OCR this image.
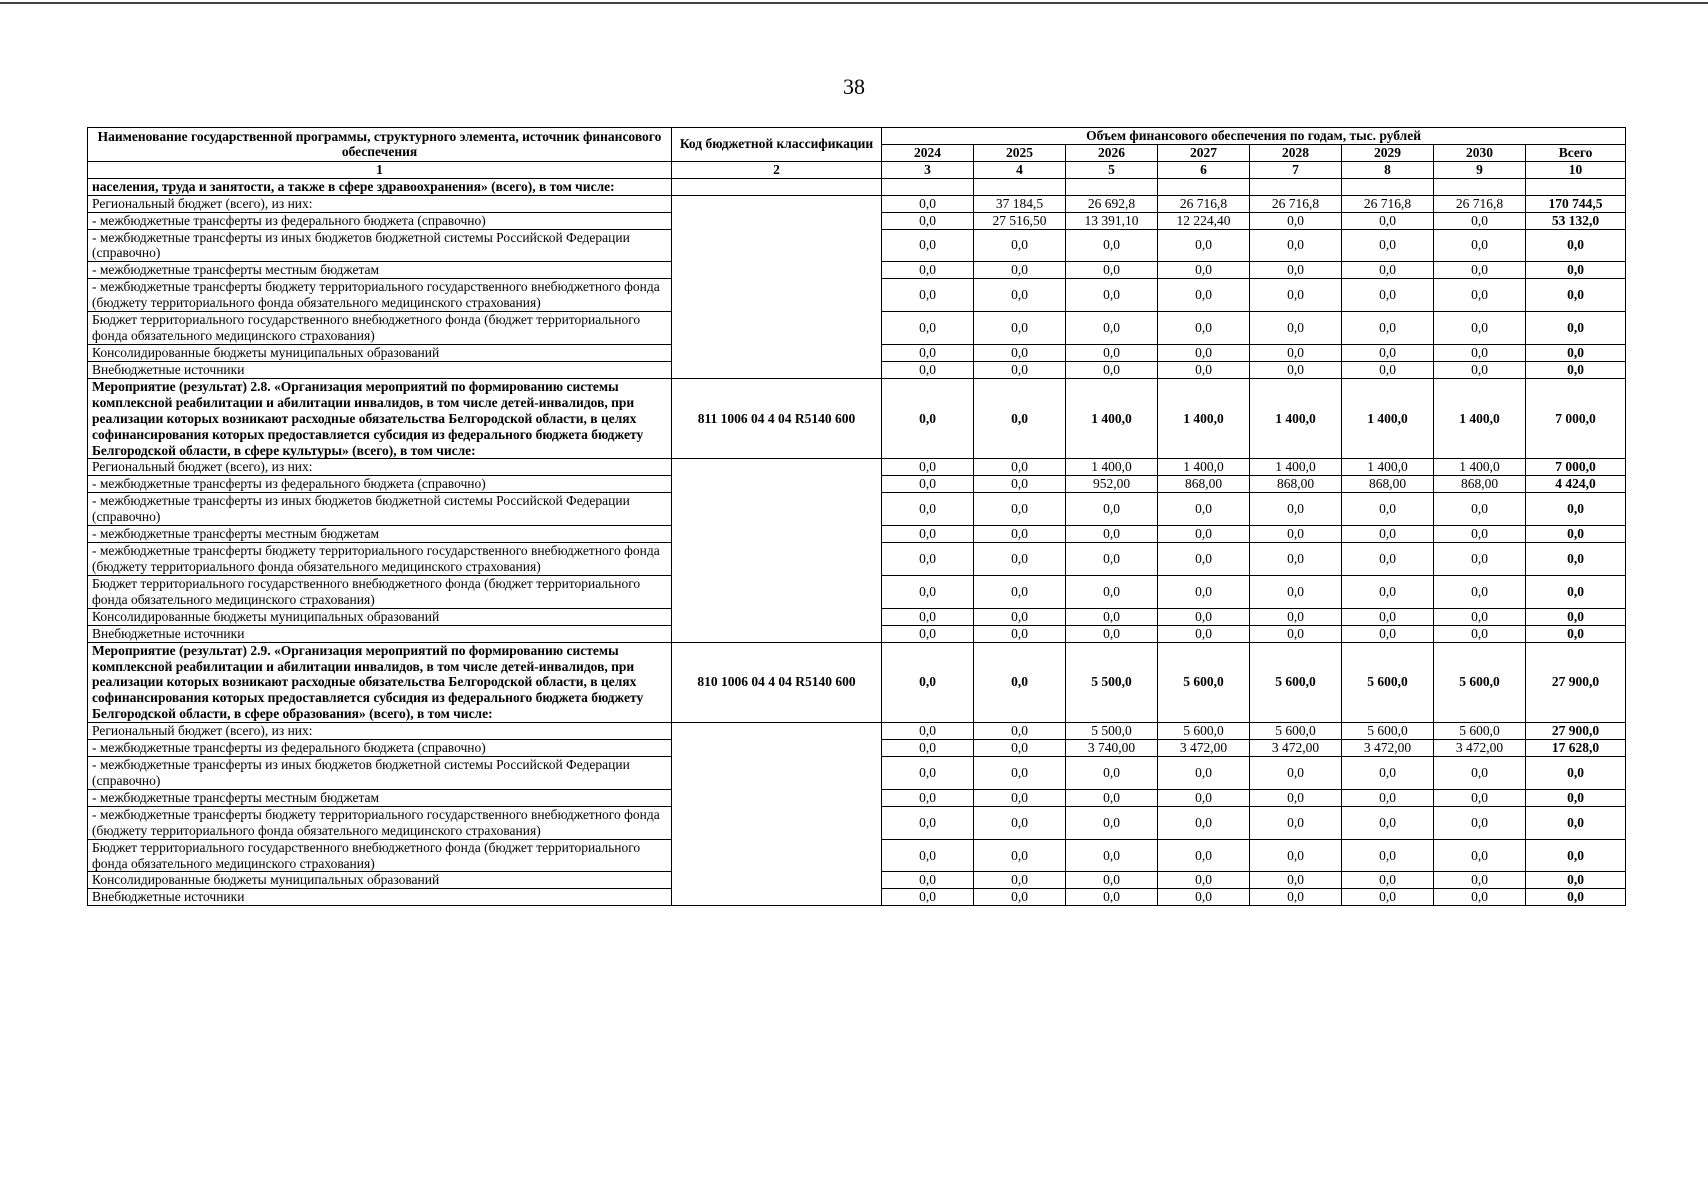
38
Наименование государственной программы, структурного элемента, источник финансового обеспечения	Код бюджетной классификации	Объем финансового обеспечения по годам, тыс. рублей							
		2024	2025	2026	2027	2028	2029	2030	Всего
1	2	3	4	5	6	7	8	9	10
населения, труда и занятости, а также в сфере здравоохранения» (всего), в том числе:									
Региональный бюджет (всего), из них:		0,0	37 184,5	26 692,8	26 716,8	26 716,8	26 716,8	26 716,8	170 744,5
- межбюджетные трансферты из федерального бюджета (справочно)		0,0	27 516,50	13 391,10	12 224,40	0,0	0,0	0,0	53 132,0
- межбюджетные трансферты из иных бюджетов бюджетной системы Российской Федерации (справочно)		0,0	0,0	0,0	0,0	0,0	0,0	0,0	0,0
- межбюджетные трансферты местным бюджетам		0,0	0,0	0,0	0,0	0,0	0,0	0,0	0,0
- межбюджетные трансферты бюджету территориального государственного внебюджетного фонда (бюджету территориального фонда обязательного медицинского страхования)		0,0	0,0	0,0	0,0	0,0	0,0	0,0	0,0
Бюджет территориального государственного внебюджетного фонда (бюджет территориального фонда обязательного медицинского страхования)		0,0	0,0	0,0	0,0	0,0	0,0	0,0	0,0
Консолидированные бюджеты муниципальных образований		0,0	0,0	0,0	0,0	0,0	0,0	0,0	0,0
Внебюджетные источники		0,0	0,0	0,0	0,0	0,0	0,0	0,0	0,0
Мероприятие (результат) 2.8. «Организация мероприятий по формированию системы комплексной реабилитации и абилитации инвалидов, в том числе детей-инвалидов, при реализации которых возникают расходные обязательства Белгородской области, в целях софинансирования которых предоставляется субсидия из федерального бюджета бюджету Белгородской области, в сфере культуры» (всего), в том числе:	811 1006 04 4 04 R5140 600	0,0	0,0	1 400,0	1 400,0	1 400,0	1 400,0	1 400,0	7 000,0
Региональный бюджет (всего), из них:		0,0	0,0	1 400,0	1 400,0	1 400,0	1 400,0	1 400,0	7 000,0
- межбюджетные трансферты из федерального бюджета (справочно)		0,0	0,0	952,00	868,00	868,00	868,00	868,00	4 424,0
- межбюджетные трансферты из иных бюджетов бюджетной системы Российской Федерации (справочно)		0,0	0,0	0,0	0,0	0,0	0,0	0,0	0,0
- межбюджетные трансферты местным бюджетам		0,0	0,0	0,0	0,0	0,0	0,0	0,0	0,0
- межбюджетные трансферты бюджету территориального государственного внебюджетного фонда (бюджету территориального фонда обязательного медицинского страхования)		0,0	0,0	0,0	0,0	0,0	0,0	0,0	0,0
Бюджет территориального государственного внебюджетного фонда (бюджет территориального фонда обязательного медицинского страхования)		0,0	0,0	0,0	0,0	0,0	0,0	0,0	0,0
Консолидированные бюджеты муниципальных образований		0,0	0,0	0,0	0,0	0,0	0,0	0,0	0,0
Внебюджетные источники		0,0	0,0	0,0	0,0	0,0	0,0	0,0	0,0
Мероприятие (результат) 2.9. «Организация мероприятий по формированию системы комплексной реабилитации и абилитации инвалидов, в том числе детей-инвалидов, при реализации которых возникают расходные обязательства Белгородской области, в целях софинансирования которых предоставляется субсидия из федерального бюджета бюджету Белгородской области, в сфере образования» (всего), в том числе:	810 1006 04 4 04 R5140 600	0,0	0,0	5 500,0	5 600,0	5 600,0	5 600,0	5 600,0	27 900,0
Региональный бюджет (всего), из них:		0,0	0,0	5 500,0	5 600,0	5 600,0	5 600,0	5 600,0	27 900,0
- межбюджетные трансферты из федерального бюджета (справочно)		0,0	0,0	3 740,00	3 472,00	3 472,00	3 472,00	3 472,00	17 628,0
- межбюджетные трансферты из иных бюджетов бюджетной системы Российской Федерации (справочно)		0,0	0,0	0,0	0,0	0,0	0,0	0,0	0,0
- межбюджетные трансферты местным бюджетам		0,0	0,0	0,0	0,0	0,0	0,0	0,0	0,0
- межбюджетные трансферты бюджету территориального государственного внебюджетного фонда (бюджету территориального фонда обязательного медицинского страхования)		0,0	0,0	0,0	0,0	0,0	0,0	0,0	0,0
Бюджет территориального государственного внебюджетного фонда (бюджет территориального фонда обязательного медицинского страхования)		0,0	0,0	0,0	0,0	0,0	0,0	0,0	0,0
Консолидированные бюджеты муниципальных образований		0,0	0,0	0,0	0,0	0,0	0,0	0,0	0,0
Внебюджетные источники		0,0	0,0	0,0	0,0	0,0	0,0	0,0	0,0
